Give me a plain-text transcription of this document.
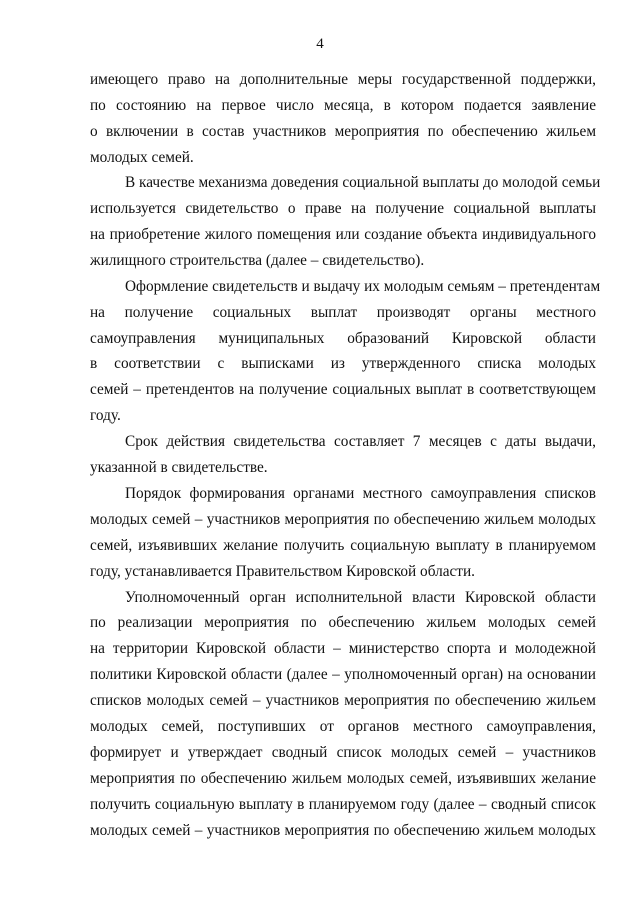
4
имеющего право на дополнительные меры государственной поддержки,
по состоянию на первое число месяца, в котором подается заявление
о включении в состав участников мероприятия по обеспечению жильем
молодых семей.
В качестве механизма доведения социальной выплаты до молодой семьи
используется свидетельство о праве на получение социальной выплаты
на приобретение жилого помещения или создание объекта индивидуального
жилищного строительства (далее – свидетельство).
Оформление свидетельств и выдачу их молодым семьям – претендентам
на получение социальных выплат производят органы местного
самоуправления муниципальных образований Кировской области
в соответствии с выписками из утвержденного списка молодых
семей – претендентов на получение социальных выплат в соответствующем
году.
Срок действия свидетельства составляет 7 месяцев с даты выдачи,
указанной в свидетельстве.
Порядок формирования органами местного самоуправления списков
молодых семей – участников мероприятия по обеспечению жильем молодых
семей, изъявивших желание получить социальную выплату в планируемом
году, устанавливается Правительством Кировской области.
Уполномоченный орган исполнительной власти Кировской области
по реализации мероприятия по обеспечению жильем молодых семей
на территории Кировской области – министерство спорта и молодежной
политики Кировской области (далее – уполномоченный орган) на основании
списков молодых семей – участников мероприятия по обеспечению жильем
молодых семей, поступивших от органов местного самоуправления,
формирует и утверждает сводный список молодых семей – участников
мероприятия по обеспечению жильем молодых семей, изъявивших желание
получить социальную выплату в планируемом году (далее – сводный список
молодых семей – участников мероприятия по обеспечению жильем молодых
